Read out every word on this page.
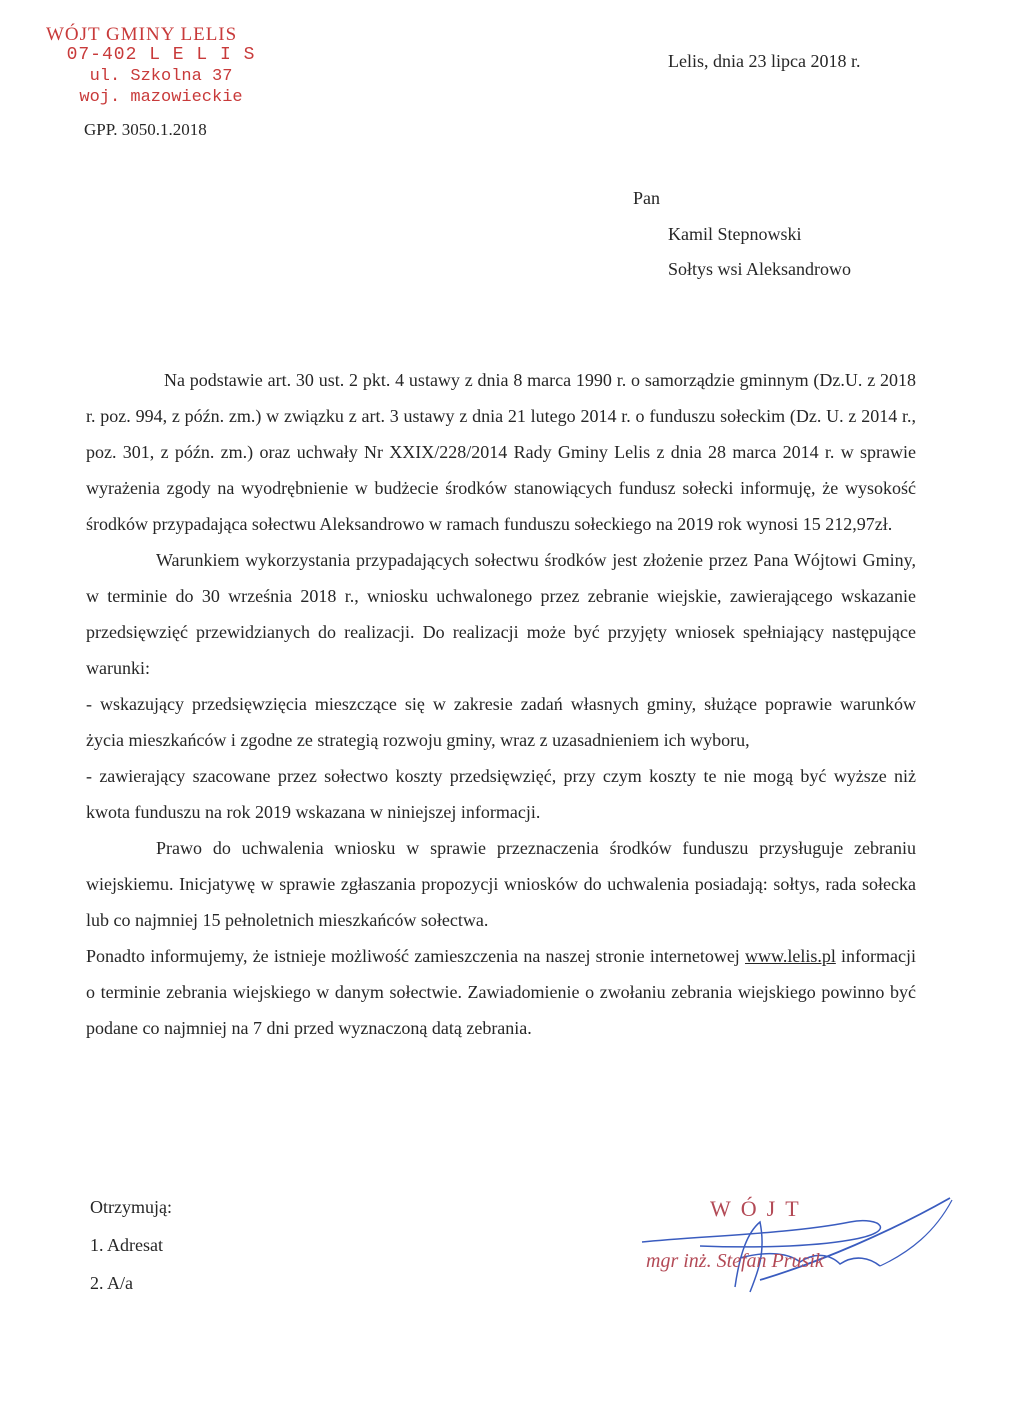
WÓJT GMINY LELIS
07-402 L E L I S
ul. Szkolna 37
woj. mazowieckie
GPP. 3050.1.2018
Lelis, dnia 23 lipca 2018 r.
Pan
Kamil Stepnowski
Sołtys wsi Aleksandrowo

Na podstawie art. 30 ust. 2 pkt. 4 ustawy z dnia 8 marca 1990 r. o samorządzie gminnym (Dz.U. z 2018 r. poz. 994, z późn. zm.) w związku z art. 3 ustawy z dnia 21 lutego 2014 r. o funduszu sołeckim (Dz. U. z 2014 r., poz. 301, z późn. zm.) oraz uchwały Nr XXIX/228/2014 Rady Gminy Lelis z dnia 28 marca 2014 r. w sprawie wyrażenia zgody na wyodrębnienie w budżecie środków stanowiących fundusz sołecki informuję, że wysokość środków przypadająca sołectwu Aleksandrowo w ramach funduszu sołeckiego na 2019 rok wynosi 15 212,97zł.

Warunkiem wykorzystania przypadających sołectwu środków jest złożenie przez Pana Wójtowi Gminy, w terminie do 30 września 2018 r., wniosku uchwalonego przez zebranie wiejskie, zawierającego wskazanie przedsięwzięć przewidzianych do realizacji. Do realizacji może być przyjęty wniosek spełniający następujące warunki:

- wskazujący przedsięwzięcia mieszczące się w zakresie zadań własnych gminy, służące poprawie warunków życia mieszkańców i zgodne ze strategią rozwoju gminy, wraz z uzasadnieniem ich wyboru,

- zawierający szacowane przez sołectwo koszty przedsięwzięć, przy czym koszty te nie mogą być wyższe niż kwota funduszu na rok 2019 wskazana w niniejszej informacji.

Prawo do uchwalenia wniosku w sprawie przeznaczenia środków funduszu przysługuje zebraniu wiejskiemu. Inicjatywę w sprawie zgłaszania propozycji wniosków do uchwalenia posiadają: sołtys, rada sołecka lub co najmniej 15 pełnoletnich mieszkańców sołectwa.

Ponadto informujemy, że istnieje możliwość zamieszczenia na naszej stronie internetowej www.lelis.pl informacji o terminie zebrania wiejskiego w danym sołectwie. Zawiadomienie o zwołaniu zebrania wiejskiego powinno być podane co najmniej na 7 dni przed wyznaczoną datą zebrania.

Otrzymują:
1. Adresat
2. A/a
WÓJT
mgr inż. Stefan Prusik
